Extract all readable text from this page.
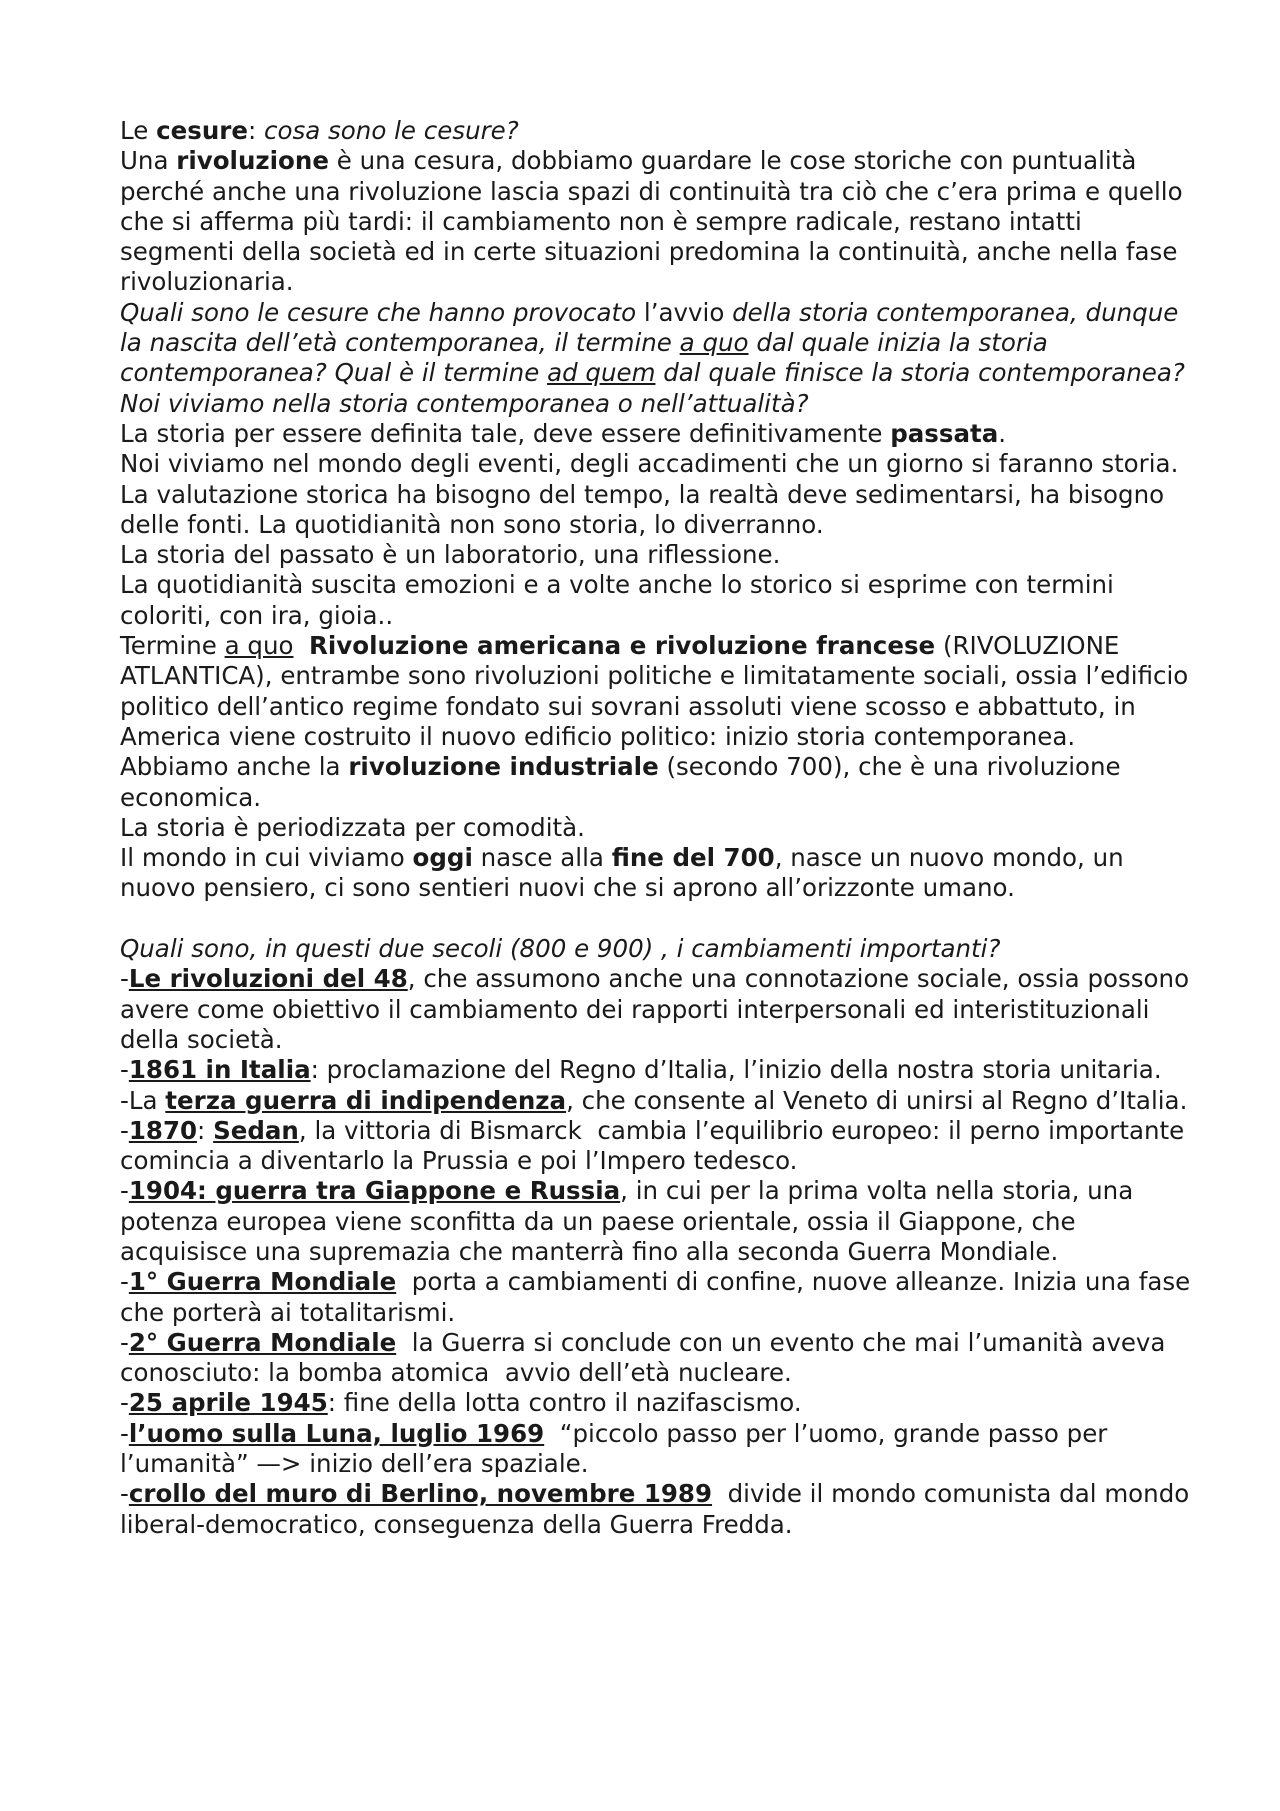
Le cesure: cosa sono le cesure?

Una rivoluzione è una cesura, dobbiamo guardare le cose storiche con puntualità perché anche una rivoluzione lascia spazi di continuità tra ciò che c’era prima e quello che si afferma più tardi: il cambiamento non è sempre radicale, restano intatti segmenti della società ed in certe situazioni predomina la continuità, anche nella fase rivoluzionaria.

Quali sono le cesure che hanno provocato l’avvio della storia contemporanea, dunque la nascita dell’età contemporanea, il termine a quo dal quale inizia la storia contemporanea? Qual è il termine ad quem dal quale finisce la storia contemporanea? Noi viviamo nella storia contemporanea o nell’attualità?

La storia per essere definita tale, deve essere definitivamente passata.

Noi viviamo nel mondo degli eventi, degli accadimenti che un giorno si faranno storia. La valutazione storica ha bisogno del tempo, la realtà deve sedimentarsi, ha bisogno delle fonti. La quotidianità non sono storia, lo diverranno.

La storia del passato è un laboratorio, una riflessione.

La quotidianità suscita emozioni e a volte anche lo storico si esprime con termini coloriti, con ira, gioia..

Termine a quo Rivoluzione americana e rivoluzione francese (RIVOLUZIONE ATLANTICA), entrambe sono rivoluzioni politiche e limitatamente sociali, ossia l’edificio politico dell’antico regime fondato sui sovrani assoluti viene scosso e abbattuto, in America viene costruito il nuovo edificio politico: inizio storia contemporanea.

Abbiamo anche la rivoluzione industriale (secondo 700), che è una rivoluzione economica.

La storia è periodizzata per comodità.

Il mondo in cui viviamo oggi nasce alla fine del 700, nasce un nuovo mondo, un nuovo pensiero, ci sono sentieri nuovi che si aprono all’orizzonte umano.

Quali sono, in questi due secoli (800 e 900) , i cambiamenti importanti?

-Le rivoluzioni del 48, che assumono anche una connotazione sociale, ossia possono avere come obiettivo il cambiamento dei rapporti interpersonali ed interistituzionali della società.

-1861 in Italia: proclamazione del Regno d’Italia, l’inizio della nostra storia unitaria.

-La terza guerra di indipendenza, che consente al Veneto di unirsi al Regno d’Italia.

-1870: Sedan, la vittoria di Bismarck  cambia l’equilibrio europeo: il perno importante comincia a diventarlo la Prussia e poi l’Impero tedesco.

-1904: guerra tra Giappone e Russia, in cui per la prima volta nella storia, una potenza europea viene sconfitta da un paese orientale, ossia il Giappone, che acquisisce una supremazia che manterrà fino alla seconda Guerra Mondiale.

-1° Guerra Mondiale  porta a cambiamenti di confine, nuove alleanze. Inizia una fase che porterà ai totalitarismi.

-2° Guerra Mondiale  la Guerra si conclude con un evento che mai l’umanità aveva conosciuto: la bomba atomica  avvio dell’età nucleare.

-25 aprile 1945: fine della lotta contro il nazifascismo.

-l’uomo sulla Luna, luglio 1969  “piccolo passo per l’uomo, grande passo per l’umanità” —> inizio dell’era spaziale.

-crollo del muro di Berlino, novembre 1989  divide il mondo comunista dal mondo liberal-democratico, conseguenza della Guerra Fredda.
